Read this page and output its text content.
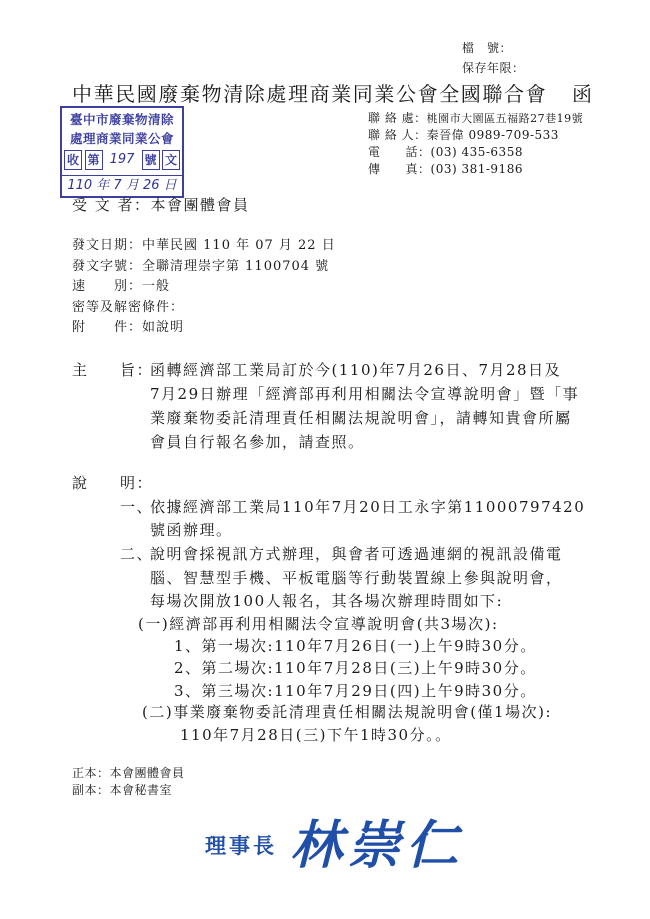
檔　號：
保存年限：
中華民國廢棄物清除處理商業同業公會全國聯合會 函
臺中市廢棄物清除
處理商業同業公會
收 第 197 號 文
110 年 7 月 26 日
聯 絡 處：桃園市大園區五福路27巷19號
聯 絡 人：秦晉偉 0989-709-533
電　　話：(03) 435-6358
傳　　真：(03) 381-9186
受 文 者：本會團體會員
發文日期：中華民國 110 年 07 月 22 日
發文字號：全聯清理崇字第 1100704 號
速　　別：一般
密等及解密條件：
附　　件：如說明
主 旨：
函轉經濟部工業局訂於今(110)年7月26日、7月28日及
7月29日辦理「經濟部再利用相關法令宣導說明會」暨「事
業廢棄物委託清理責任相關法規說明會」，請轉知貴會所屬
會員自行報名參加，請查照。
說 明：
一、
依據經濟部工業局110年7月20日工永字第11000797420
號函辦理。
二、
說明會採視訊方式辦理，與會者可透過連網的視訊設備電
腦、智慧型手機、平板電腦等行動裝置線上參與說明會，
每場次開放100人報名，其各場次辦理時間如下:
(一)經濟部再利用相關法令宣導說明會(共3場次):
1、第一場次:110年7月26日(一)上午9時30分。
2、第二場次:110年7月28日(三)上午9時30分。
3、第三場次:110年7月29日(四)上午9時30分。
(二)事業廢棄物委託清理責任相關法規說明會(僅1場次):
110年7月28日(三)下午1時30分。。
正本：本會團體會員
副本：本會秘書室
理事長 林崇仁
